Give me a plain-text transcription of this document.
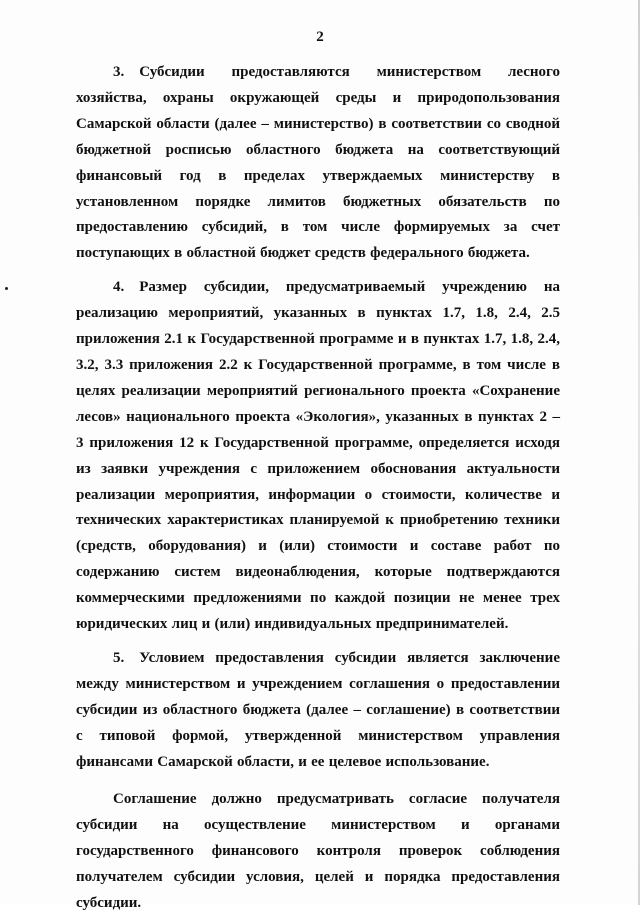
2

3. Субсидии предоставляются министерством лесного хозяйства, охраны окружающей среды и природопользования Самарской области (далее – министерство) в соответствии со сводной бюджетной росписью областного бюджета на соответствующий финансовый год в пределах утверждаемых министерству в установленном порядке лимитов бюджетных обязательств по предоставлению субсидий, в том числе формируемых за счет поступающих в областной бюджет средств федерального бюджета.

4. Размер субсидии, предусматриваемый учреждению на реализацию мероприятий, указанных в пунктах 1.7, 1.8, 2.4, 2.5 приложения 2.1 к Государственной программе и в пунктах 1.7, 1.8, 2.4, 3.2, 3.3 приложения 2.2 к Государственной программе, в том числе в целях реализации мероприятий регионального проекта «Сохранение лесов» национального проекта «Экология», указанных в пунктах 2 – 3 приложения 12 к Государственной программе, определяется исходя из заявки учреждения с приложением обоснования актуальности реализации мероприятия, информации о стоимости, количестве и технических характеристиках планируемой к приобретению техники (средств, оборудования) и (или) стоимости и составе работ по содержанию систем видеонаблюдения, которые подтверждаются коммерческими предложениями по каждой позиции не менее трех юридических лиц и (или) индивидуальных предпринимателей.

5. Условием предоставления субсидии является заключение между министерством и учреждением соглашения о предоставлении субсидии из областного бюджета (далее – соглашение) в соответствии с типовой формой, утвержденной министерством управления финансами Самарской области, и ее целевое использование.

Соглашение должно предусматривать согласие получателя субсидии на осуществление министерством и органами государственного финансового контроля проверок соблюдения получателем субсидии условия, целей и порядка предоставления субсидии.
